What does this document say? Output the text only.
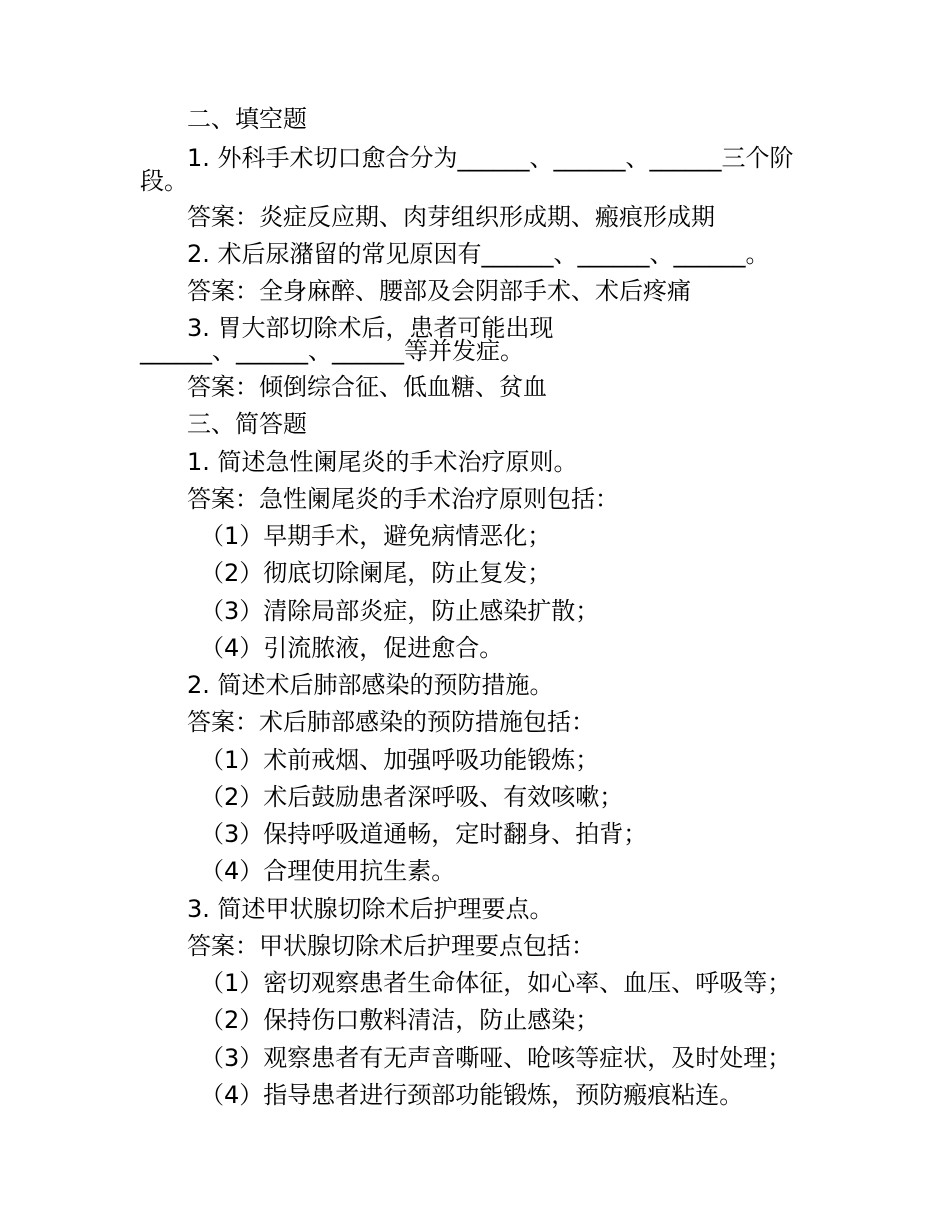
二、填空题
1. 外科手术切口愈合分为______、______、______三个阶
段。
答案：炎症反应期、肉芽组织形成期、瘢痕形成期
2. 术后尿潴留的常见原因有______、______、______。
答案：全身麻醉、腰部及会阴部手术、术后疼痛
3. 胃大部切除术后，患者可能出现
______、______、______等并发症。
答案：倾倒综合征、低血糖、贫血
三、简答题
1. 简述急性阑尾炎的手术治疗原则。
答案：急性阑尾炎的手术治疗原则包括：
（1）早期手术，避免病情恶化；
（2）彻底切除阑尾，防止复发；
（3）清除局部炎症，防止感染扩散；
（4）引流脓液，促进愈合。
2. 简述术后肺部感染的预防措施。
答案：术后肺部感染的预防措施包括：
（1）术前戒烟、加强呼吸功能锻炼；
（2）术后鼓励患者深呼吸、有效咳嗽；
（3）保持呼吸道通畅，定时翻身、拍背；
（4）合理使用抗生素。
3. 简述甲状腺切除术后护理要点。
答案：甲状腺切除术后护理要点包括：
（1）密切观察患者生命体征，如心率、血压、呼吸等；
（2）保持伤口敷料清洁，防止感染；
（3）观察患者有无声音嘶哑、呛咳等症状，及时处理；
（4）指导患者进行颈部功能锻炼，预防瘢痕粘连。
